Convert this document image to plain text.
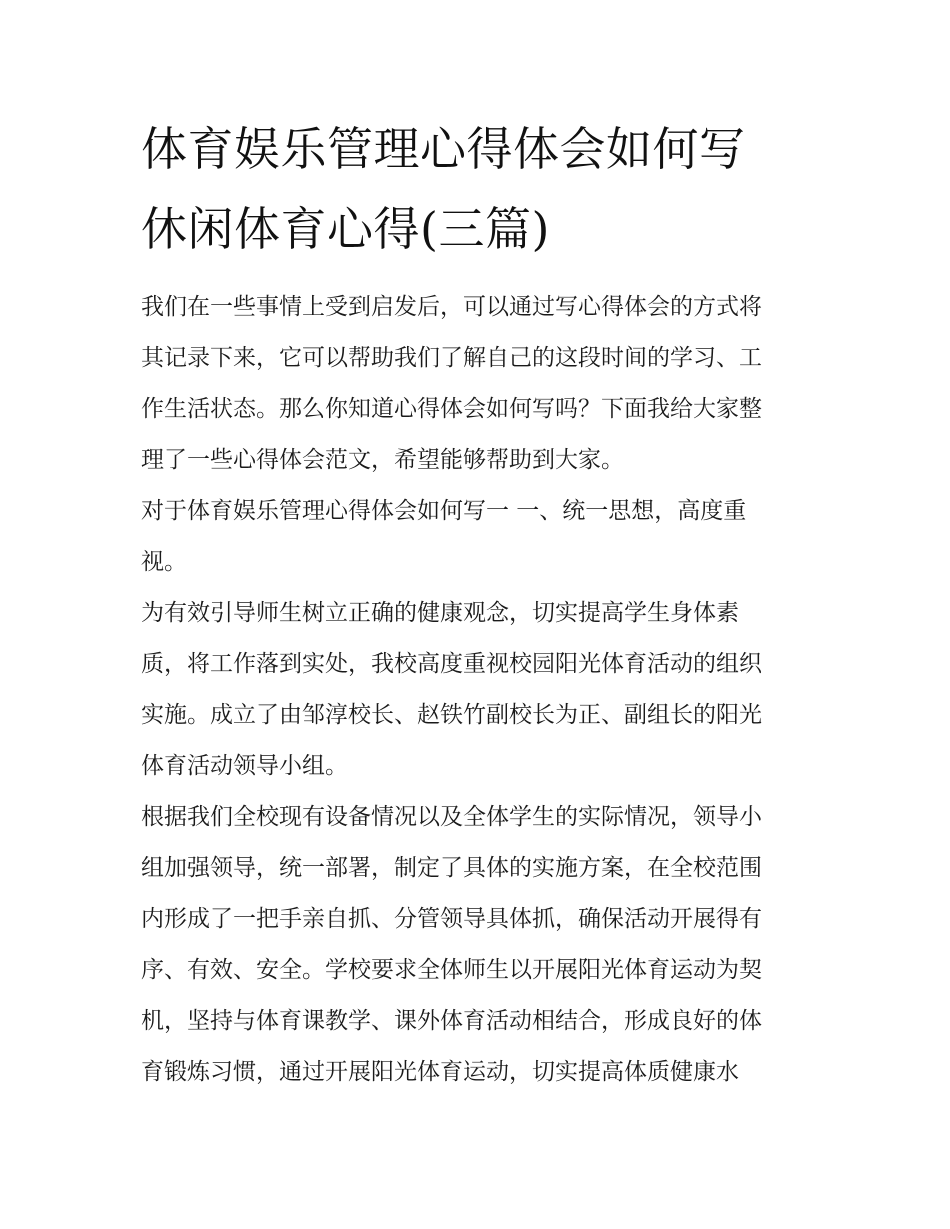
体育娱乐管理心得体会如何写
休闲体育心得(三篇)

我们在一些事情上受到启发后，可以通过写心得体会的方式将
其记录下来，它可以帮助我们了解自己的这段时间的学习、工
作生活状态。那么你知道心得体会如何写吗？下面我给大家整
理了一些心得体会范文，希望能够帮助到大家。

对于体育娱乐管理心得体会如何写一 一、统一思想，高度重
视。

为有效引导师生树立正确的健康观念，切实提高学生身体素
质，将工作落到实处，我校高度重视校园阳光体育活动的组织
实施。成立了由邹淳校长、赵铁竹副校长为正、副组长的阳光
体育活动领导小组。

根据我们全校现有设备情况以及全体学生的实际情况，领导小
组加强领导，统一部署，制定了具体的实施方案，在全校范围
内形成了一把手亲自抓、分管领导具体抓，确保活动开展得有
序、有效、安全。学校要求全体师生以开展阳光体育运动为契
机，坚持与体育课教学、课外体育活动相结合，形成良好的体
育锻炼习惯，通过开展阳光体育运动，切实提高体质健康水
